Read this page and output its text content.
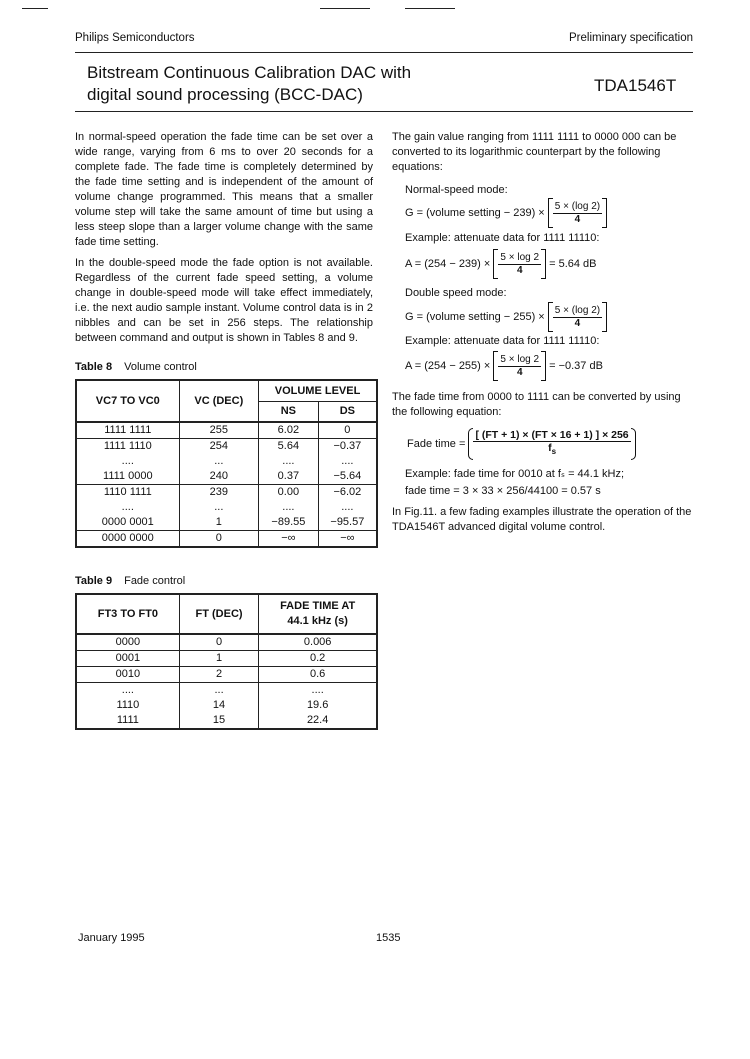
Philips Semiconductors	Preliminary specification
Bitstream Continuous Calibration DAC with
digital sound processing (BCC-DAC)	TDA1546T

In normal-speed operation the fade time can be set over a wide range, varying from 6 ms to over 20 seconds for a complete fade. The fade time is completely determined by the fade time setting and is independent of the amount of volume change programmed. This means that a smaller volume step will take the same amount of time but using a less steep slope than a larger volume change with the same fade time setting.

In the double-speed mode the fade option is not available. Regardless of the current fade speed setting, a volume change in double-speed mode will take effect immediately, i.e. the next audio sample instant. Volume control data is in 2 nibbles and can be set in 256 steps. The relationship between command and output is shown in Tables 8 and 9.

Table 8 Volume control
VC7 TO VC0	VC (DEC)	VOLUME LEVEL	
		NS	DS
1111 1111	255	6.02	0
1111 1110	254	5.64	−0.37
....	...	....	....
1111 0000	240	0.37	−5.64
1110 1111	239	0.00	−6.02
....	...	....	....
0000 0001	1	−89.55	−95.57
0000 0000	0	−∞	−∞
Table 9 Fade control
FT3 TO FT0	FT (DEC)	FADE TIME AT
44.1 kHz (s)

0000	0	0.006
0001	1	0.2
0010	2	0.6
....	...	....
1110	14	19.6
1111	15	22.4
The gain value ranging from 1111 1111 to 0000 000 can be converted to its logarithmic counterpart by the following equations:
Normal-speed mode:
G = (volume setting − $239) \times \frac{5 \times (\log 2)}{4}$
Example: attenuate data for 1111 11110:
$A = (254 - 239) \times \frac{5 \times \log 2}{4} = 5.64$ dB
Double speed mode:
G = (volume setting − $255) \times \frac{5 \times (\log 2)}{4}$
Example: attenuate data for 1111 11110:
$A = (254 - 255) \times \frac{5 \times \log 2}{4} = -0.37$ dB
The fade time from 0000 to 1111 can be converted by using the following equation:
Fade time = $\frac{[ (FT + 1) \times (FT \times 16 + 1) ] \times 256}{f_s}$
Example: fade time for 0010 at fₛ = 44.1 kHz;
fade time = 3 × 33 × 256/44100 = 0.57 s
In Fig.11. a few fading examples illustrate the operation of the TDA1546T advanced digital volume control.
January 1995	1535
